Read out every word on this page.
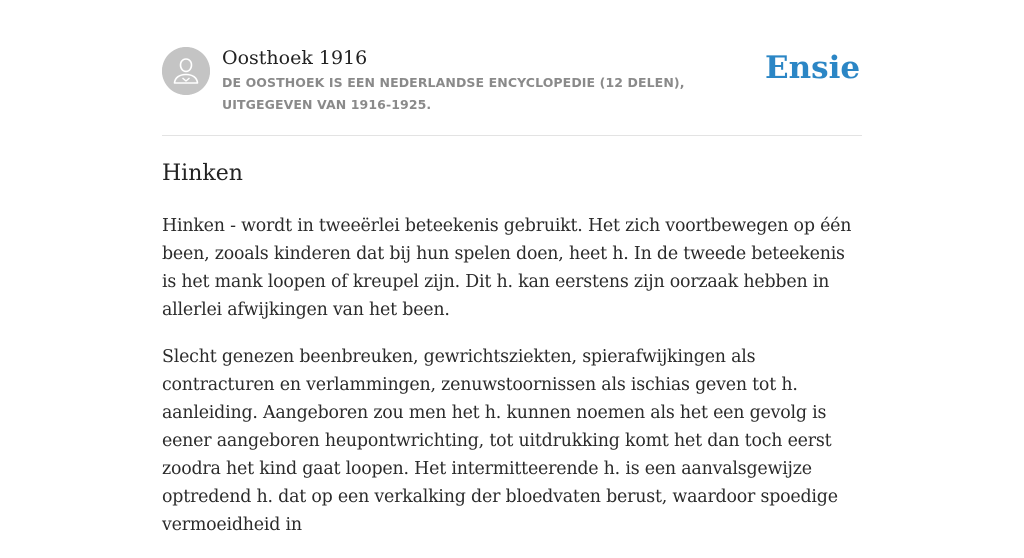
Oosthoek 1916
DE OOSTHOEK IS EEN NEDERLANDSE ENCYCLOPEDIE (12 DELEN), UITGEGEVEN VAN 1916-1925.
Ensie
Hinken

Hinken - wordt in tweeërlei beteekenis gebruikt. Het zich voortbewegen op één been, zooals kinderen dat bij hun spelen doen, heet h. In de tweede beteekenis is het mank loopen of kreupel zijn. Dit h. kan eerstens zijn oorzaak hebben in allerlei afwijkingen van het been.

Slecht genezen beenbreuken, gewrichtsziekten, spierafwijkingen als contracturen en verlammingen, zenuwstoornissen als ischias geven tot h. aanleiding. Aangeboren zou men het h. kunnen noemen als het een gevolg is eener aangeboren heupontwrichting, tot uitdrukking komt het dan toch eerst zoodra het kind gaat loopen. Het intermitteerende h. is een aanvalsgewijze optredend h. dat op een verkalking der bloedvaten berust, waardoor spoedige vermoeidheid in
